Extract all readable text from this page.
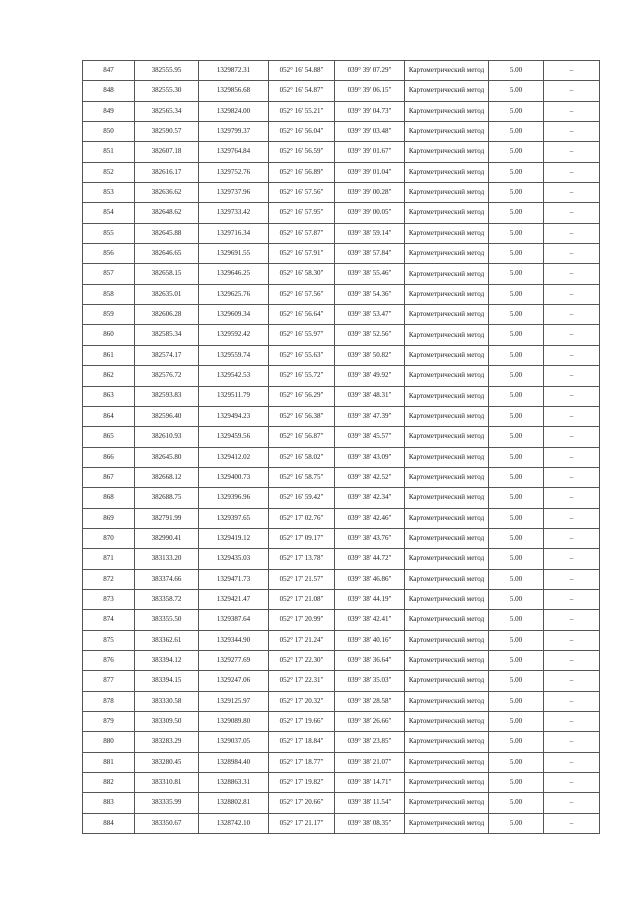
847	382555.95	1329872.31	052° 16' 54.88"	039° 39' 07.29"	Картометрический метод	5.00	–
848	382555.30	1329856.68	052° 16' 54.87"	039° 39' 06.15"	Картометрический метод	5.00	–
849	382565.34	1329824.00	052° 16' 55.21"	039° 39' 04.73"	Картометрический метод	5.00	–
850	382590.57	1329799.37	052° 16' 56.04"	039° 39' 03.48"	Картометрический метод	5.00	–
851	382607.18	1329764.84	052° 16' 56.59"	039° 39' 01.67"	Картометрический метод	5.00	–
852	382616.17	1329752.76	052° 16' 56.89"	039° 39' 01.04"	Картометрический метод	5.00	–
853	382636.62	1329737.96	052° 16' 57.56"	039° 39' 00.28"	Картометрический метод	5.00	–
854	382648.62	1329733.42	052° 16' 57.95"	039° 39' 00.05"	Картометрический метод	5.00	–
855	382645.88	1329716.34	052° 16' 57.87"	039° 38' 59.14"	Картометрический метод	5.00	–
856	382646.65	1329691.55	052° 16' 57.91"	039° 38' 57.84"	Картометрический метод	5.00	–
857	382658.15	1329646.25	052° 16' 58.30"	039° 38' 55.46"	Картометрический метод	5.00	–
858	382635.01	1329625.76	052° 16' 57.56"	039° 38' 54.36"	Картометрический метод	5.00	–
859	382606.28	1329609.34	052° 16' 56.64"	039° 38' 53.47"	Картометрический метод	5.00	–
860	382585.34	1329592.42	052° 16' 55.97"	039° 38' 52.56"	Картометрический метод	5.00	–
861	382574.17	1329559.74	052° 16' 55.63"	039° 38' 50.82"	Картометрический метод	5.00	–
862	382576.72	1329542.53	052° 16' 55.72"	039° 38' 49.92"	Картометрический метод	5.00	–
863	382593.83	1329511.79	052° 16' 56.29"	039° 38' 48.31"	Картометрический метод	5.00	–
864	382596.40	1329494.23	052° 16' 56.38"	039° 38' 47.39"	Картометрический метод	5.00	–
865	382610.93	1329459.56	052° 16' 56.87"	039° 38' 45.57"	Картометрический метод	5.00	–
866	382645.80	1329412.02	052° 16' 58.02"	039° 38' 43.09"	Картометрический метод	5.00	–
867	382668.12	1329400.73	052° 16' 58.75"	039° 38' 42.52"	Картометрический метод	5.00	–
868	382688.75	1329396.96	052° 16' 59.42"	039° 38' 42.34"	Картометрический метод	5.00	–
869	382791.99	1329397.65	052° 17' 02.76"	039° 38' 42.46"	Картометрический метод	5.00	–
870	382990.41	1329419.12	052° 17' 09.17"	039° 38' 43.76"	Картометрический метод	5.00	–
871	383133.20	1329435.03	052° 17' 13.78"	039° 38' 44.72"	Картометрический метод	5.00	–
872	383374.66	1329471.73	052° 17' 21.57"	039° 38' 46.86"	Картометрический метод	5.00	–
873	383358.72	1329421.47	052° 17' 21.08"	039° 38' 44.19"	Картометрический метод	5.00	–
874	383355.50	1329387.64	052° 17' 20.99"	039° 38' 42.41"	Картометрический метод	5.00	–
875	383362.61	1329344.90	052° 17' 21.24"	039° 38' 40.16"	Картометрический метод	5.00	–
876	383394.12	1329277.69	052° 17' 22.30"	039° 38' 36.64"	Картометрический метод	5.00	–
877	383394.15	1329247.06	052° 17' 22.31"	039° 38' 35.03"	Картометрический метод	5.00	–
878	383330.58	1329125.97	052° 17' 20.32"	039° 38' 28.58"	Картометрический метод	5.00	–
879	383309.50	1329089.80	052° 17' 19.66"	039° 38' 26.66"	Картометрический метод	5.00	–
880	383283.29	1329037.05	052° 17' 18.84"	039° 38' 23.85"	Картометрический метод	5.00	–
881	383280.45	1328984.40	052° 17' 18.77"	039° 38' 21.07"	Картометрический метод	5.00	–
882	383310.81	1328863.31	052° 17' 19.82"	039° 38' 14.71"	Картометрический метод	5.00	–
883	383335.99	1328802.81	052° 17' 20.66"	039° 38' 11.54"	Картометрический метод	5.00	–
884	383350.67	1328742.10	052° 17' 21.17"	039° 38' 08.35"	Картометрический метод	5.00	–
